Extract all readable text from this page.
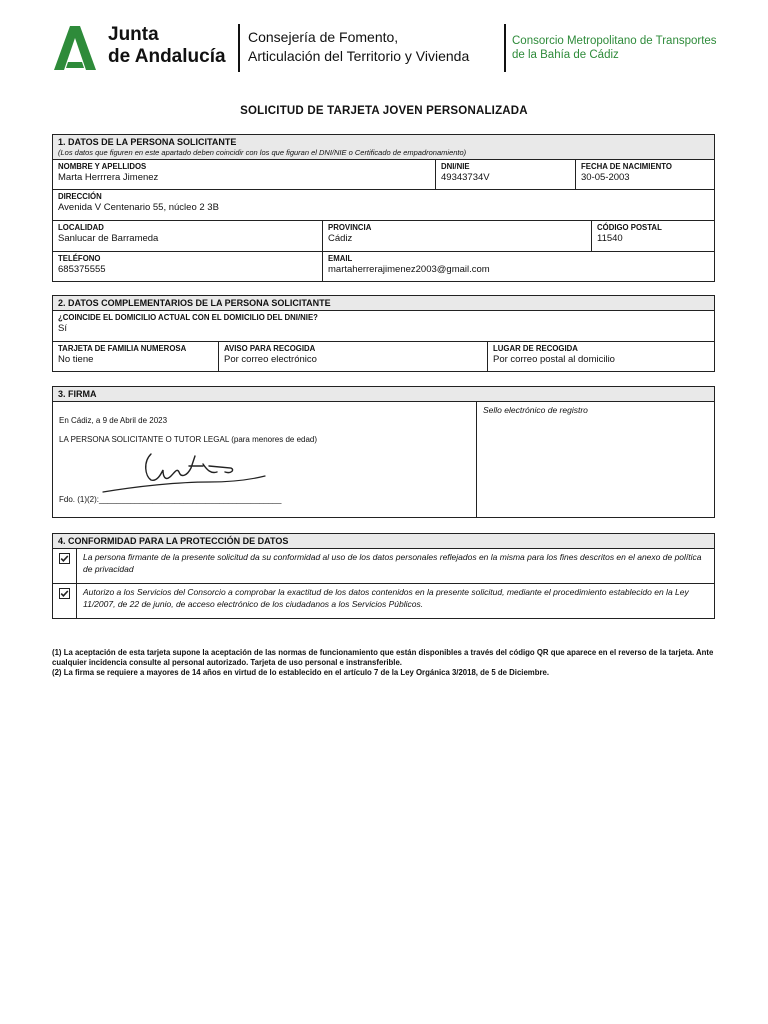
Junta
de Andalucía
Consejería de Fomento,
Articulación del Territorio y Vivienda
Consorcio Metropolitano de Transportes
de la Bahía de Cádiz
SOLICITUD DE TARJETA JOVEN PERSONALIZADA
1. DATOS DE LA PERSONA SOLICITANTE
(Los datos que figuren en este apartado deben coincidir con los que figuran el DNI/NIE o Certificado de empadronamiento)
NOMBRE Y APELLIDOS
Marta Herrrera Jimenez
DNI/NIE
49343734V
FECHA DE NACIMIENTO
30-05-2003
DIRECCIÓN
Avenida V Centenario 55, núcleo 2 3B
LOCALIDAD
Sanlucar de Barrameda
PROVINCIA
Cádiz
CÓDIGO POSTAL
11540
TELÉFONO
685375555
EMAIL
martaherrerajimenez2003@gmail.com
2. DATOS COMPLEMENTARIOS DE LA PERSONA SOLICITANTE
¿COINCIDE EL DOMICILIO ACTUAL CON EL DOMICILIO DEL DNI/NIE?
Sí
TARJETA DE FAMILIA NUMEROSA
No tiene
AVISO PARA RECOGIDA
Por correo electrónico
LUGAR DE RECOGIDA
Por correo postal al domicilio
3. FIRMA
En Cádiz, a 9 de Abril de 2023
LA PERSONA SOLICITANTE O TUTOR LEGAL (para menores de edad)
Fdo. (1)(2):_________________________________________
Sello electrónico de registro
4. CONFORMIDAD PARA LA PROTECCIÓN DE DATOS
La persona firmante de la presente solicitud da su conformidad al uso de los datos personales reflejados en la misma para los fines descritos en el anexo de política de privacidad
Autorizo a los Servicios del Consorcio a comprobar la exactitud de los datos contenidos en la presente solicitud, mediante el procedimiento establecido en la Ley 11/2007, de 22 de junio, de acceso electrónico de los ciudadanos a los Servicios Públicos.
(1) La aceptación de esta tarjeta supone la aceptación de las normas de funcionamiento que están disponibles a través del código QR que aparece en el reverso de la tarjeta. Ante cualquier incidencia consulte al personal autorizado. Tarjeta de uso personal e instransferible.
(2) La firma se requiere a mayores de 14 años en virtud de lo establecido en el artículo 7 de la Ley Orgánica 3/2018, de 5 de Diciembre.
